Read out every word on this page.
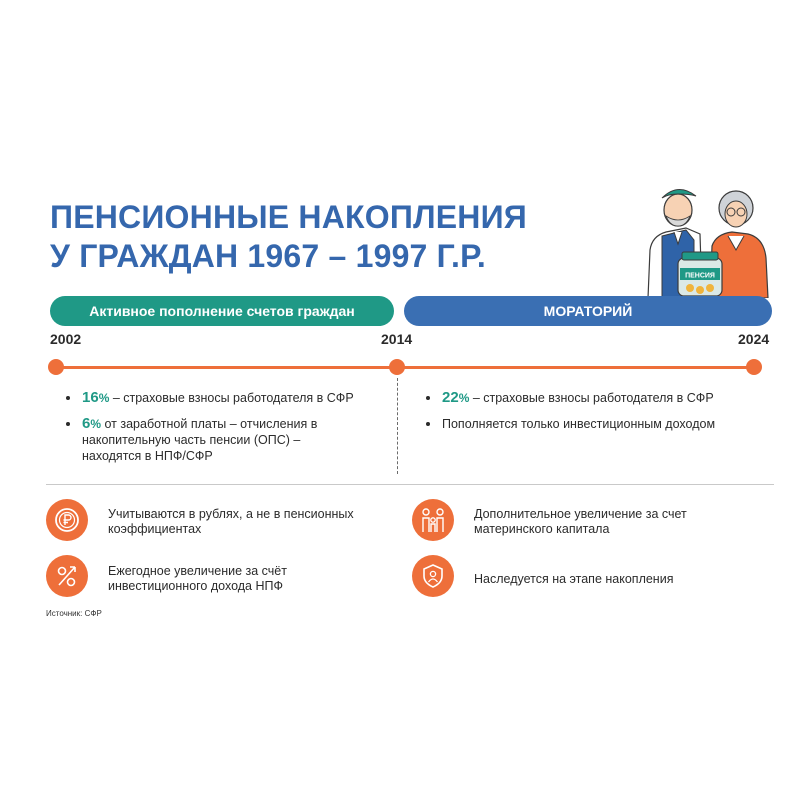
ПЕНСИОННЫЕ НАКОПЛЕНИЯ
У ГРАЖДАН 1967 – 1997 Г.Р.
ПЕНСИЯ
Активное пополнение счетов граждан	МОРАТОРИЙ
2002	2014	2024
16% – страховые взносы работодателя в СФР
6% от заработной платы – отчисления в накопительную часть пенсии (ОПС) – находятся в НПФ/СФР
22% – страховые взносы работодателя в СФР
Пополняется только инвестиционным доходом
Учитываются в рублях, а не в пенсионных коэффициентах
Ежегодное увеличение за счёт инвестиционного дохода НПФ
Дополнительное увеличение за счет материнского капитала
Наследуется на этапе накопления
Источник: СФР
